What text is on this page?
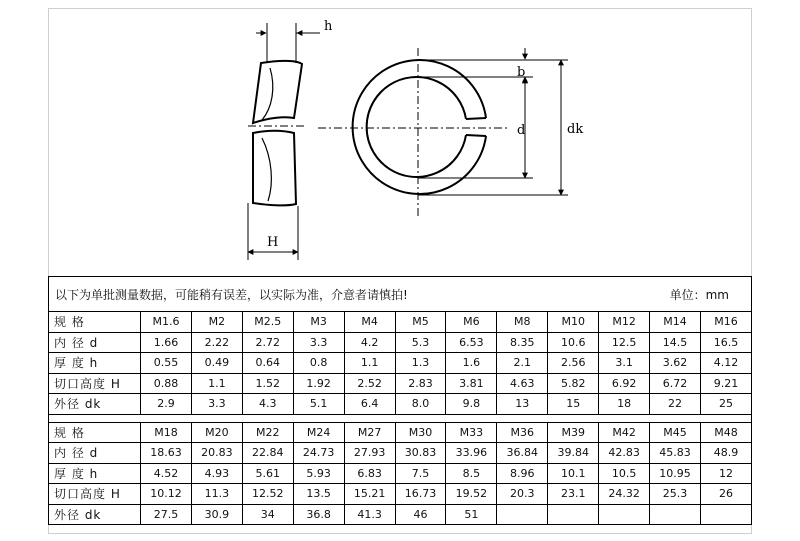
h
b
d	dk
H
以下为单批测量数据，可能稍有误差，以实际为准，介意者请慎拍! 单位：mm												

规 格	M1.6	M2	M2.5	M3	M4	M5	M6	M8	M10	M12	M14	M16
内 径 d	1.66	2.22	2.72	3.3	4.2	5.3	6.53	8.35	10.6	12.5	14.5	16.5
厚 度 h	0.55	0.49	0.64	0.8	1.1	1.3	1.6	2.1	2.56	3.1	3.62	4.12
切口高度 H	0.88	1.1	1.52	1.92	2.52	2.83	3.81	4.63	5.82	6.92	6.72	9.21
外径 dk	2.9	3.3	4.3	5.1	6.4	8.0	9.8	13	15	18	22	25

规 格	M18	M20	M22	M24	M27	M30	M33	M36	M39	M42	M45	M48
内 径 d	18.63	20.83	22.84	24.73	27.93	30.83	33.96	36.84	39.84	42.83	45.83	48.9
厚 度 h	4.52	4.93	5.61	5.93	6.83	7.5	8.5	8.96	10.1	10.5	10.95	12
切口高度 H	10.12	11.3	12.52	13.5	15.21	16.73	19.52	20.3	23.1	24.32	25.3	26
外径 dk	27.5	30.9	34	36.8	41.3	46	51					
